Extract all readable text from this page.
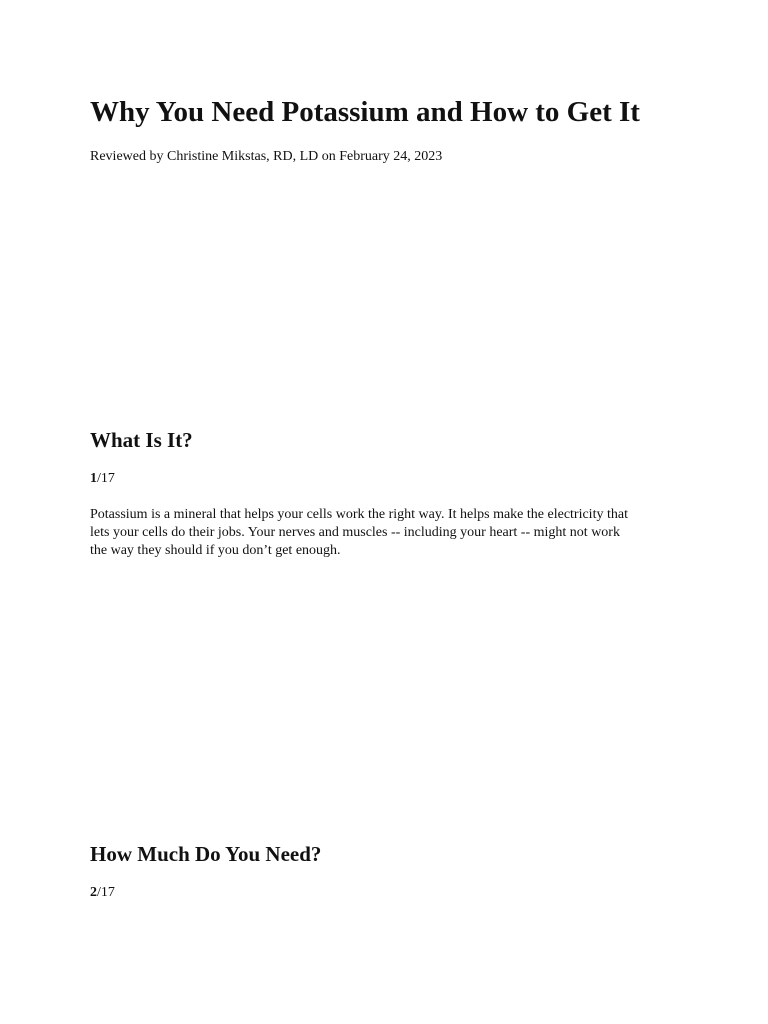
Why You Need Potassium and How to Get It

Reviewed by Christine Mikstas, RD, LD on February 24, 2023

What Is It?

1/17

Potassium is a mineral that helps your cells work the right way. It helps make the electricity that
lets your cells do their jobs. Your nerves and muscles -- including your heart -- might not work
the way they should if you don’t get enough.

How Much Do You Need?

2/17
